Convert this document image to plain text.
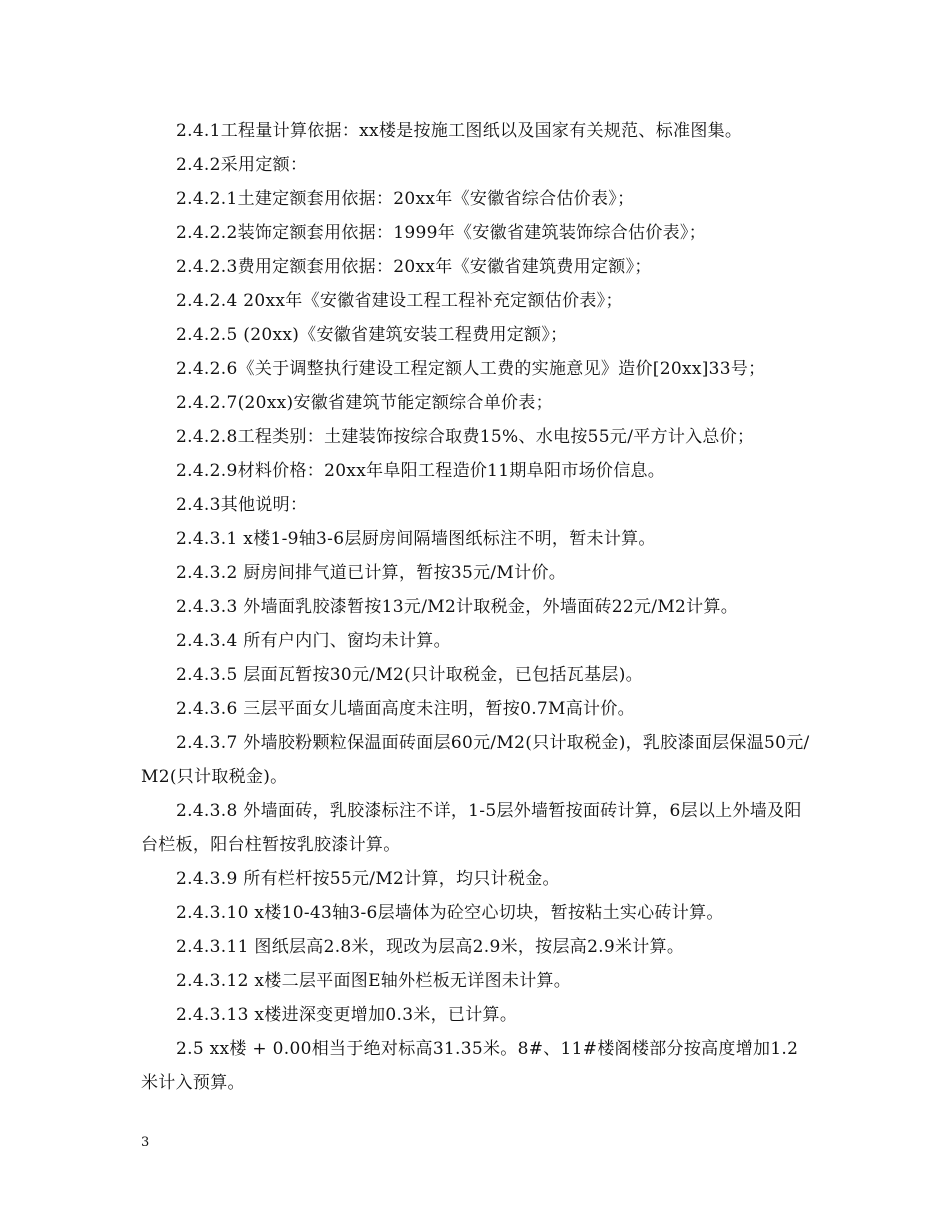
2.4.1工程量计算依据：xx楼是按施工图纸以及国家有关规范、标准图集。
2.4.2采用定额：
2.4.2.1土建定额套用依据：20xx年《安徽省综合估价表》；
2.4.2.2装饰定额套用依据：1999年《安徽省建筑装饰综合估价表》；
2.4.2.3费用定额套用依据：20xx年《安徽省建筑费用定额》；
2.4.2.4 20xx年《安徽省建设工程工程补充定额估价表》；
2.4.2.5 (20xx)《安徽省建筑安装工程费用定额》；
2.4.2.6《关于调整执行建设工程定额人工费的实施意见》造价[20xx]33号；
2.4.2.7(20xx)安徽省建筑节能定额综合单价表；
2.4.2.8工程类别：土建装饰按综合取费15%、水电按55元/平方计入总价；
2.4.2.9材料价格：20xx年阜阳工程造价11期阜阳市场价信息。
2.4.3其他说明：
2.4.3.1 x楼1-9轴3-6层厨房间隔墙图纸标注不明，暂未计算。
2.4.3.2 厨房间排气道已计算，暂按35元/M计价。
2.4.3.3 外墙面乳胶漆暂按13元/M2计取税金，外墙面砖22元/M2计算。
2.4.3.4 所有户内门、窗均未计算。
2.4.3.5 层面瓦暂按30元/M2(只计取税金，已包括瓦基层)。
2.4.3.6 三层平面女儿墙面高度未注明，暂按0.7M高计价。
2.4.3.7 外墙胶粉颗粒保温面砖面层60元/M2(只计取税金)，乳胶漆面层保温50元/M2(只计取税金)。
2.4.3.8 外墙面砖，乳胶漆标注不详，1-5层外墙暂按面砖计算，6层以上外墙及阳台栏板，阳台柱暂按乳胶漆计算。
2.4.3.9 所有栏杆按55元/M2计算，均只计税金。
2.4.3.10 x楼10-43轴3-6层墙体为砼空心切块，暂按粘土实心砖计算。
2.4.3.11 图纸层高2.8米，现改为层高2.9米，按层高2.9米计算。
2.4.3.12 x楼二层平面图E轴外栏板无详图未计算。
2.4.3.13 x楼进深变更增加0.3米，已计算。
2.5 xx楼 + 0.00相当于绝对标高31.35米。8#、11#楼阁楼部分按高度增加1.2米计入预算。
3
